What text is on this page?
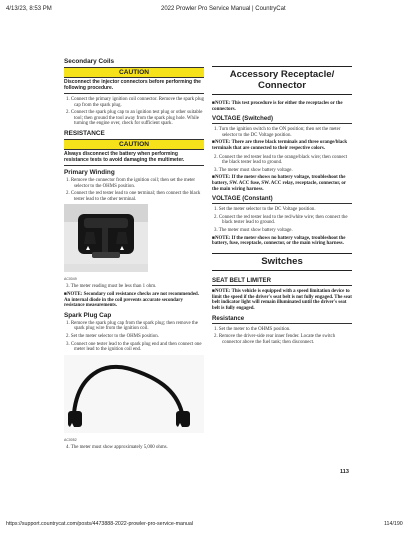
4/13/23, 8:53 PM	2022 Prowler Pro Service Manual | CountryCat
Secondary Coils
CAUTION
Disconnect the injector connectors before performing the following procedure.
1. Connect the primary ignition coil connector. Remove the spark plug cap from the spark plug.
2. Connect the spark plug cap to an ignition test plug or other suitable tool; then ground the tool away from the spark plug hole. While turning the engine over, check for sufficient spark.
RESISTANCE
CAUTION
Always disconnect the battery when performing resistance tests to avoid damaging the multimeter.
Primary Winding
1. Remove the connector from the ignition coil; then set the meter selector to the OHMS position.
2. Connect the red tester lead to one terminal; then connect the black tester lead to the other terminal.
AC0049
3. The meter reading must be less than 1 ohm.

■NOTE: Secondary coil resistance checks are not recommended. An internal diode in the coil prevents accurate secondary resistance measurements.

Spark Plug Cap
1. Remove the spark plug cap from the spark plug; then remove the spark plug wire from the ignition coil.
2. Set the meter selector to the OHMS position.
3. Connect one tester lead to the spark plug end and then connect one meter lead to the ignition coil end.
AC0052
4. The meter must show approximately 5,000 ohms.
Accessory Receptacle/ Connector

■NOTE: This test procedure is for either the receptacles or the connectors.

VOLTAGE (Switched)
1. Turn the ignition switch to the ON position; then set the meter selector to the DC Voltage position.

■NOTE: There are three black terminals and three orange/black terminals that are connected to their respective colors.

2. Connect the red tester lead to the orange/black wire; then connect the black tester lead to ground.
3. The meter must show battery voltage.

■NOTE: If the meter shows no battery voltage, troubleshoot the battery, SW. ACC fuse, SW. ACC relay, receptacle, connector, or the main wiring harness.

VOLTAGE (Constant)
1. Set the meter selector to the DC Voltage position.
2. Connect the red tester lead to the red/white wire; then connect the black tester lead to ground.
3. The meter must show battery voltage.

■NOTE: If the meter shows no battery voltage, troubleshoot the battery, fuse, receptacle, connector, or the main wiring harness.

Switches
SEAT BELT LIMITER

■NOTE: This vehicle is equipped with a speed limitation device to limit the speed if the driver's seat belt is not fully engaged. The seat belt indicator light will remain illuminated until the driver's seat belt is fully engaged.

Resistance
1. Set the meter to the OHMS position.
2. Remove the driver-side rear inner fender. Locate the switch connector above the fuel tank; then disconnect.
113
https://support.countrycat.com/posts/4473888-2022-prowler-pro-service-manual	114/190
